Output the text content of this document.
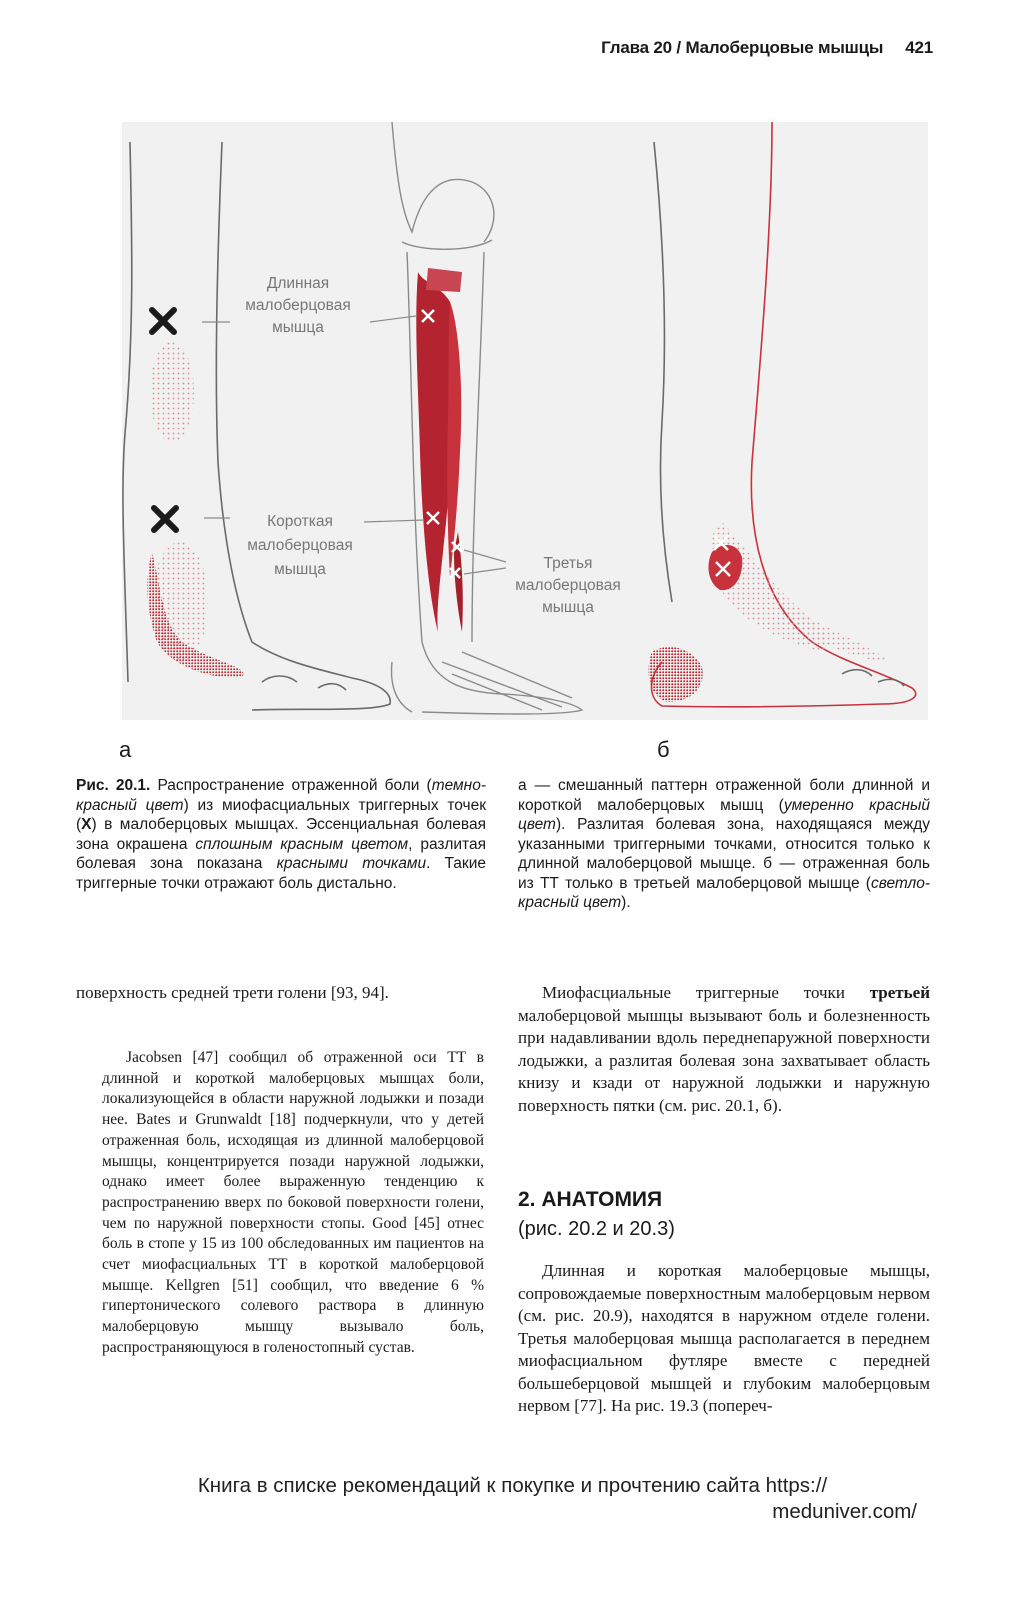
Глава 20 / Малоберцовые мышцы 421
Длинная
малоберцовая
мышца
Короткая
малоберцовая
мышца	Третья
малоберцовая
мышца
а	б
Рис. 20.1. Распространение отраженной боли (темно-красный цвет) из миофасциальных триггерных точек (X) в малоберцовых мышцах. Эссенциальная болевая зона окрашена сплошным красным цветом, разлитая болевая зона показана красными точками. Такие триггерные точки отражают боль дистально.
а — смешанный паттерн отраженной боли длинной и короткой малоберцовых мышц (умеренно красный цвет). Разлитая болевая зона, находящаяся между указанными триггерными точками, относится только к длинной малоберцовой мышце. б — отраженная боль из ТТ только в третьей малоберцовой мышце (светло-красный цвет).
поверхность средней трети голени [93, 94].
Jacobsen [47] сообщил об отраженной оси ТТ в длинной и короткой малоберцовых мышцах боли, локализующейся в области наружной лодыжки и позади нее. Bates и Grunwaldt [18] подчеркнули, что у детей отраженная боль, исходящая из длинной малоберцовой мышцы, концентрируется позади наружной лодыжки, однако имеет более выраженную тенденцию к распространению вверх по боковой поверхности голени, чем по наружной поверхности стопы. Good [45] отнес боль в стопе у 15 из 100 обследованных им пациентов на счет миофасциальных ТТ в короткой малоберцовой мышце. Kellgren [51] сообщил, что введение 6 % гипертонического солевого раствора в длинную малоберцовую мышцу вызывало боль, распространяющуюся в голеностопный сустав.
Миофасциальные триггерные точки третьей малоберцовой мышцы вызывают боль и болезненность при надавливании вдоль переднепаружной поверхности лодыжки, а разлитая болевая зона захватывает область книзу и кзади от наружной лодыжки и наружную поверхность пятки (см. рис. 20.1, б).
2. АНАТОМИЯ
(рис. 20.2 и 20.3)
Длинная и короткая малоберцовые мышцы, сопровождаемые поверхностным малоберцовым нервом (см. рис. 20.9), находятся в наружном отделе голени. Третья малоберцовая мышца располагается в переднем миофасциальном футляре вместе с передней большеберцовой мышцей и глубоким малоберцовым нервом [77]. На рис. 19.3 (попереч-
Книга в списке рекомендаций к покупке и прочтению сайта https://
meduniver.com/
